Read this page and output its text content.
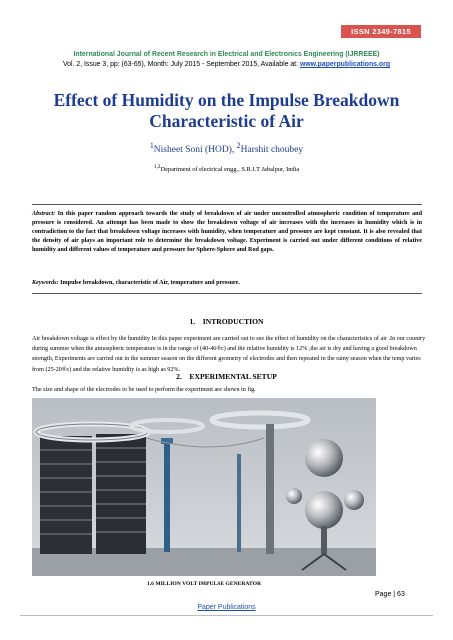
ISSN 2349-7815
International Journal of Recent Research in Electrical and Electronics Engineering (IJRREEE)
Vol. 2, Issue 3, pp: (63-65), Month: July 2015 - September 2015, Available at: www.paperpublications.org
Effect of Humidity on the Impulse Breakdown
Characteristic of Air
$^1$Nisheet Soni (HOD), $^2$Harshit choubey
$^{1,2}$Department of electrical engg., S.R.I.T Jabalpur, India
Abstract: In this paper random approach towards the study of breakdown of air under uncontrolled atmospheric condition of temperature and pressure is considered. An attempt has been made to show the breakdown voltage of air increases with the increases in humidity which is in contradiction to the fact that breakdown voltage increases with humidity, when temperature and pressure are kept constant. It is also revealed that the density of air plays an important role to determine the breakdown voltage. Experiment is carried out under different conditions of relative humidity and different values of temperature and pressure for Sphere-Sphere and Rod gaps.
Keywords: Impulse breakdown, characteristic of Air, temperature and pressure.
1.    INTRODUCTION
Air breakdown voltage is effect by the humidity In this paper experiment are carried out to see the effect of humidity on the characteristics of air .In our country during summer when the atmospheric temperature is in the range of (40-46®c) and the relative humidity is 12% ,the air is dry and having a good breakdown strength, Experiments are carried out in the summer season on the different geometry of electrodes and then repeated in the rainy season when the temp varies from (25-20®c) and the relative humidity is as high as 92%.
2.    EXPERIMENTAL SETUP
The size and shape of the electrodes to be used to perform the experiment are shown in fig.
1.6 MILLION VOLT IMPULSE GENERATOR
Page | 63
Paper Publications
